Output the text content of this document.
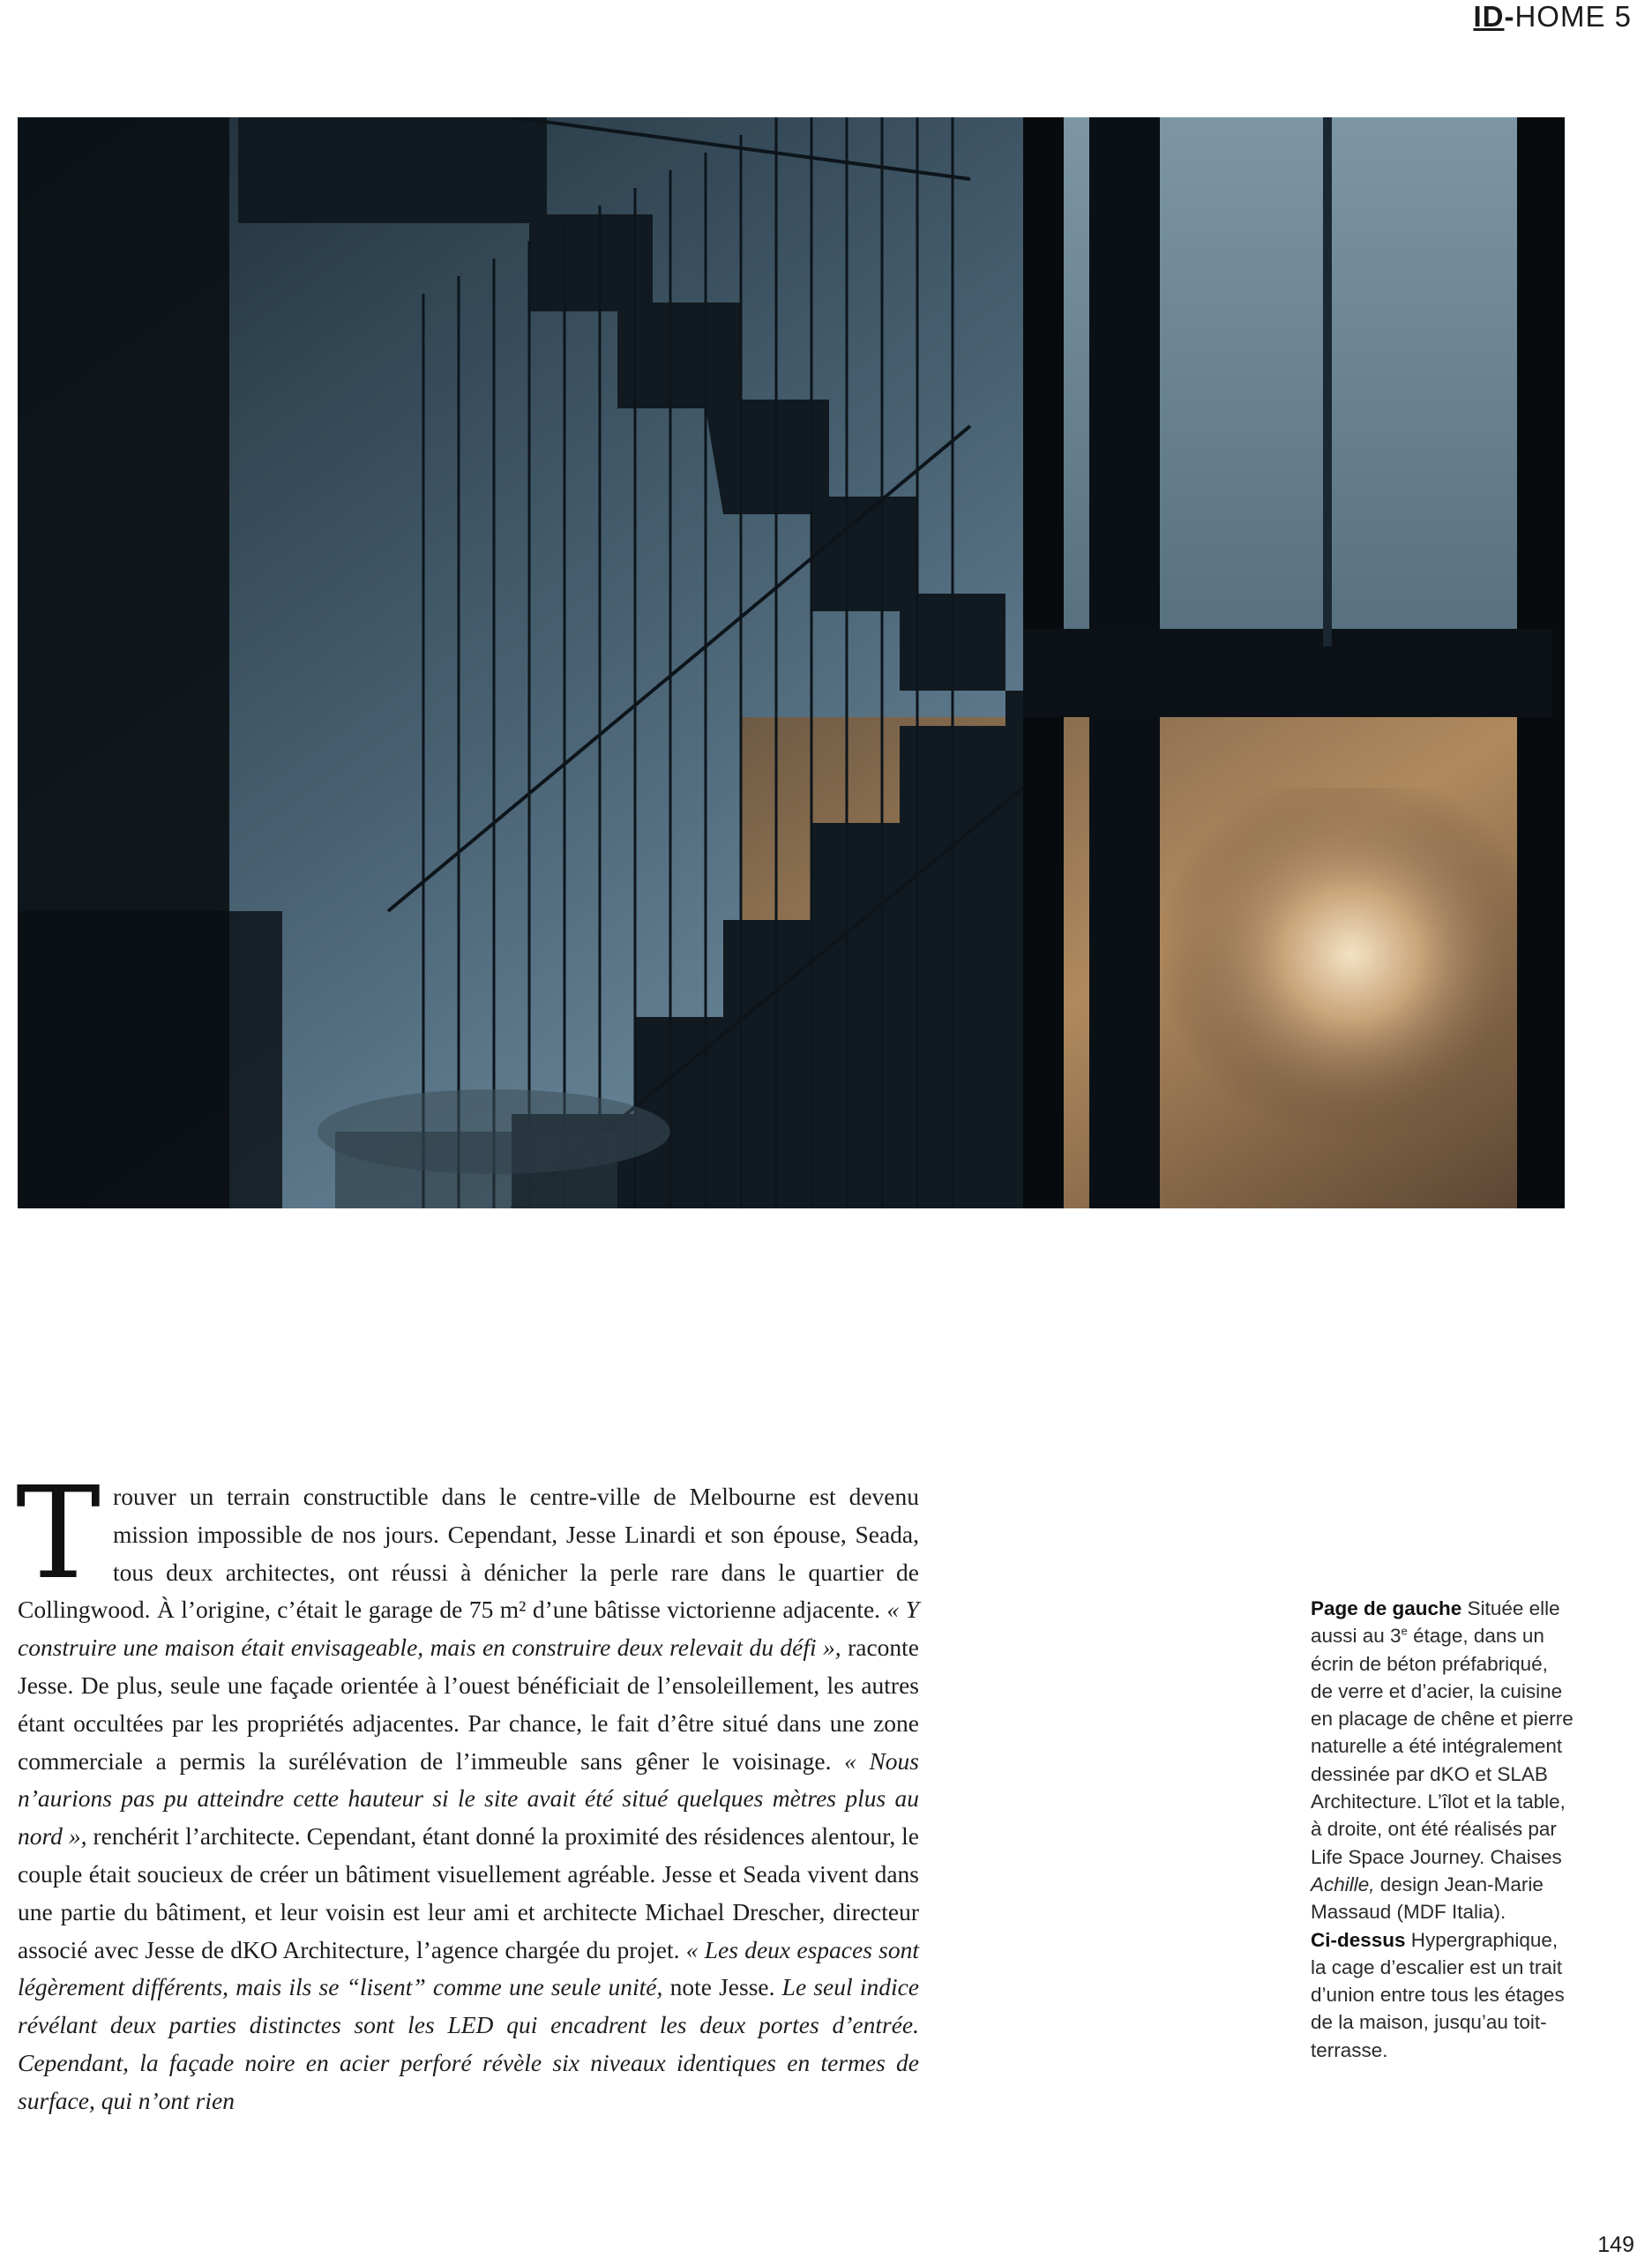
ID-HOME 5
Trouver un terrain constructible dans le centre-ville de Melbourne est devenu mission impossible de nos jours. Cependant, Jesse Linardi et son épouse, Seada, tous deux architectes, ont réussi à dénicher la perle rare dans le quartier de Collingwood. À l’origine, c’était le garage de 75 m² d’une bâtisse victorienne adjacente. « Y construire une maison était envisageable, mais en construire deux relevait du défi », raconte Jesse. De plus, seule une façade orientée à l’ouest bénéficiait de l’ensoleillement, les autres étant occultées par les propriétés adjacentes. Par chance, le fait d’être situé dans une zone commerciale a permis la surélévation de l’immeuble sans gêner le voisinage. « Nous n’aurions pas pu atteindre cette hauteur si le site avait été situé quelques mètres plus au nord », renchérit l’architecte. Cependant, étant donné la proximité des résidences alentour, le couple était soucieux de créer un bâtiment visuellement agréable. Jesse et Seada vivent dans une partie du bâtiment, et leur voisin est leur ami et architecte Michael Drescher, directeur associé avec Jesse de dKO Architecture, l’agence chargée du projet. « Les deux espaces sont légèrement différents, mais ils se “lisent” comme une seule unité, note Jesse. Le seul indice révélant deux parties distinctes sont les LED qui encadrent les deux portes d’entrée. Cependant, la façade noire en acier perforé révèle six niveaux identiques en termes de surface, qui n’ont rien
Page de gauche Située elle aussi au 3e étage, dans un écrin de béton préfabriqué, de verre et d’acier, la cuisine en placage de chêne et pierre naturelle a été intégralement dessinée par dKO et SLAB Architecture. L’îlot et la table, à droite, ont été réalisés par Life Space Journey. Chaises Achille, design Jean-Marie Massaud (MDF Italia).
Ci-dessus Hypergraphique, la cage d’escalier est un trait d’union entre tous les étages de la maison, jusqu’au toit-terrasse.
149
